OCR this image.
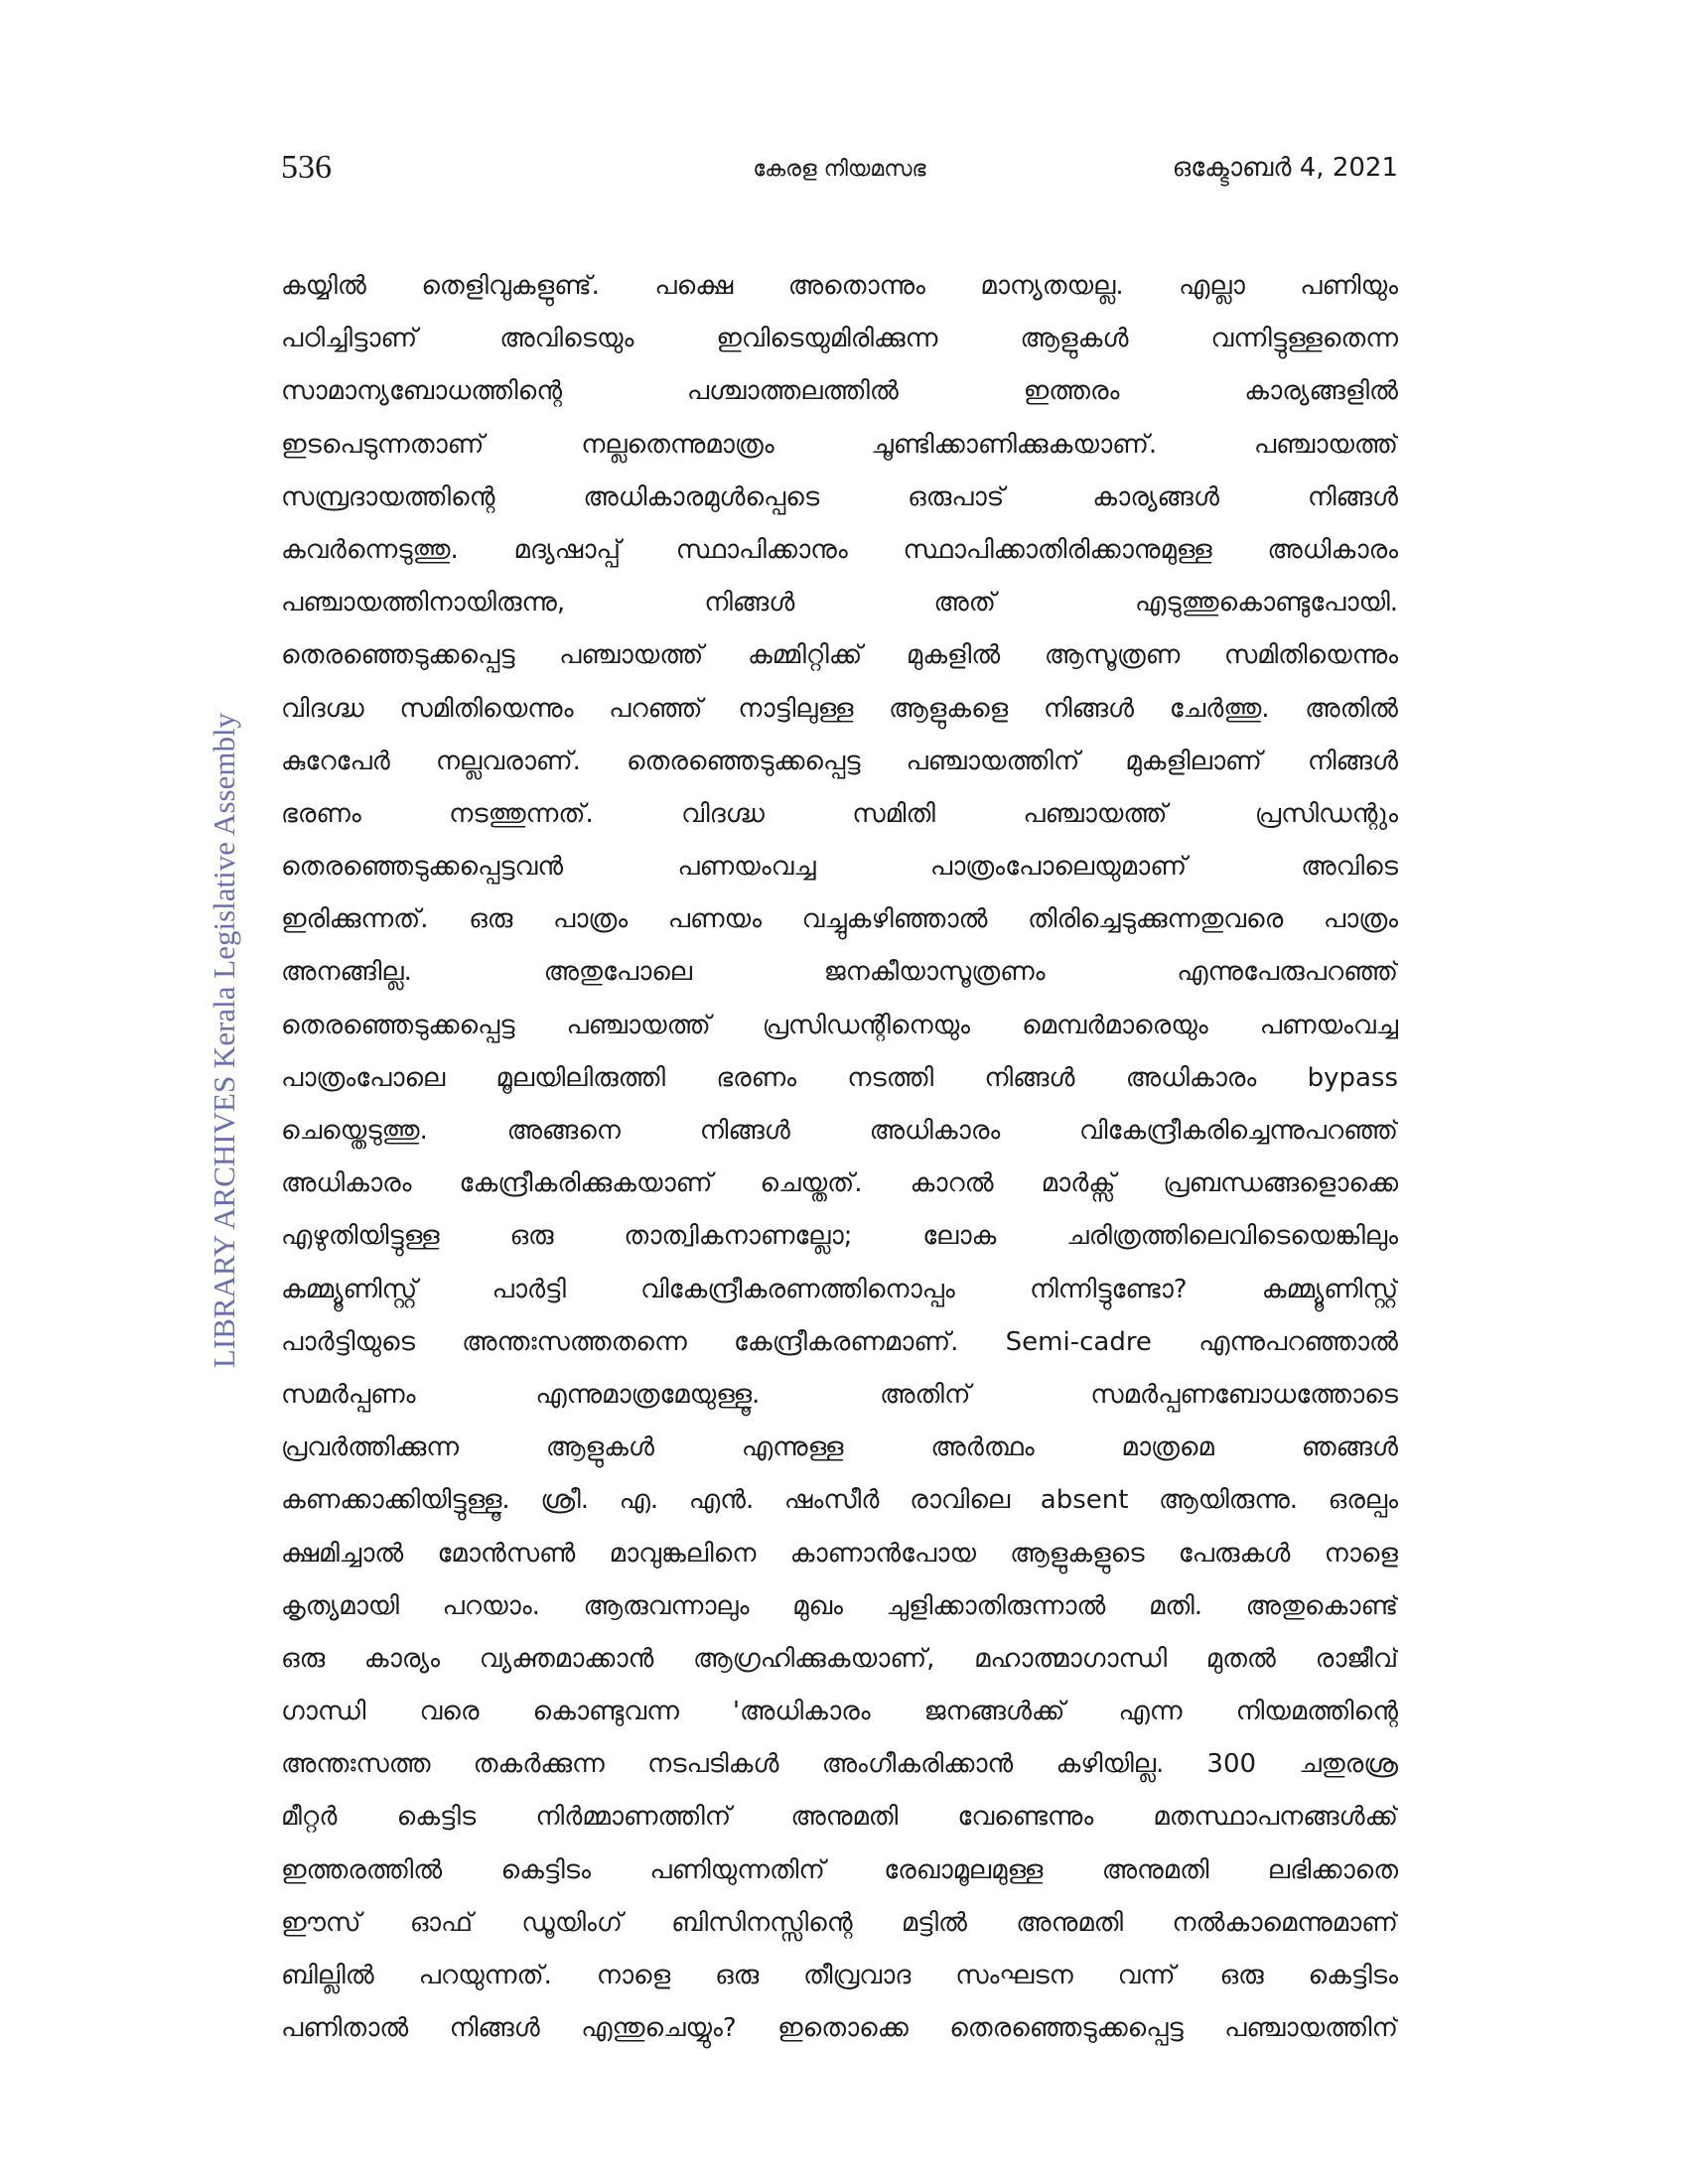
536	കേരള നിയമസഭ	ഒക്ടോബർ 4, 2021
LIBRARY ARCHIVES Kerala Legislative Assembly
കയ്യിൽ തെളിവുകളുണ്ട്. പക്ഷെ അതൊന്നും മാന്യതയല്ല. എല്ലാ പണിയും
പഠിച്ചിട്ടാണ് അവിടെയും ഇവിടെയുമിരിക്കുന്ന ആളുകൾ വന്നിട്ടുള്ളതെന്ന
സാമാന്യബോധത്തിന്റെ പശ്ചാത്തലത്തിൽ ഇത്തരം കാര്യങ്ങളിൽ
ഇടപെടുന്നതാണ് നല്ലതെന്നുമാത്രം ചൂണ്ടിക്കാണിക്കുകയാണ്. പഞ്ചായത്ത്
സമ്പ്രദായത്തിന്റെ അധികാരമുൾപ്പെടെ ഒരുപാട് കാര്യങ്ങൾ നിങ്ങൾ
കവർന്നെടുത്തു. മദ്യഷാപ്പ് സ്ഥാപിക്കാനും സ്ഥാപിക്കാതിരിക്കാനുമുള്ള അധികാരം
പഞ്ചായത്തിനായിരുന്നു, നിങ്ങൾ അത് എടുത്തുകൊണ്ടുപോയി.
തെരഞ്ഞെടുക്കപ്പെട്ട പഞ്ചായത്ത് കമ്മിറ്റിക്ക് മുകളിൽ ആസൂത്രണ സമിതിയെന്നും
വിദഗ്ദ്ധ സമിതിയെന്നും പറഞ്ഞ് നാട്ടിലുള്ള ആളുകളെ നിങ്ങൾ ചേർത്തു. അതിൽ
കുറേപേർ നല്ലവരാണ്. തെരഞ്ഞെടുക്കപ്പെട്ട പഞ്ചായത്തിന് മുകളിലാണ് നിങ്ങൾ
ഭരണം നടത്തുന്നത്. വിദഗ്ദ്ധ സമിതി പഞ്ചായത്ത് പ്രസിഡന്റും
തെരഞ്ഞെടുക്കപ്പെട്ടവൻ പണയംവച്ച പാത്രംപോലെയുമാണ് അവിടെ
ഇരിക്കുന്നത്. ഒരു പാത്രം പണയം വച്ചുകഴിഞ്ഞാൽ തിരിച്ചെടുക്കുന്നതുവരെ പാത്രം
അനങ്ങില്ല. അതുപോലെ ജനകീയാസൂത്രണം എന്നുപേരുപറഞ്ഞ്
തെരഞ്ഞെടുക്കപ്പെട്ട പഞ്ചായത്ത് പ്രസിഡന്റിനെയും മെമ്പർമാരെയും പണയംവച്ച
പാത്രംപോലെ മൂലയിലിരുത്തി ഭരണം നടത്തി നിങ്ങൾ അധികാരം bypass
ചെയ്തെടുത്തു. അങ്ങനെ നിങ്ങൾ അധികാരം വികേന്ദ്രീകരിച്ചെന്നുപറഞ്ഞ്
അധികാരം കേന്ദ്രീകരിക്കുകയാണ് ചെയ്തത്. കാറൽ മാർക്സ് പ്രബന്ധങ്ങളൊക്കെ
എഴുതിയിട്ടുള്ള ഒരു താത്വികനാണല്ലോ; ലോക ചരിത്രത്തിലെവിടെയെങ്കിലും
കമ്മ്യൂണിസ്റ്റ് പാർട്ടി വികേന്ദ്രീകരണത്തിനൊപ്പം നിന്നിട്ടുണ്ടോ? കമ്മ്യൂണിസ്റ്റ്
പാർട്ടിയുടെ അന്തഃസത്തതന്നെ കേന്ദ്രീകരണമാണ്. Semi-cadre എന്നുപറഞ്ഞാൽ
സമർപ്പണം എന്നുമാത്രമേയുള്ളൂ. അതിന് സമർപ്പണബോധത്തോടെ
പ്രവർത്തിക്കുന്ന ആളുകൾ എന്നുള്ള അർത്ഥം മാത്രമെ ഞങ്ങൾ
കണക്കാക്കിയിട്ടുള്ളൂ. ശ്രീ. എ. എൻ. ഷംസീർ രാവിലെ absent ആയിരുന്നു. ഒരല്പം
ക്ഷമിച്ചാൽ മോൻസൺ മാവുങ്കലിനെ കാണാൻപോയ ആളുകളുടെ പേരുകൾ നാളെ
കൃത്യമായി പറയാം. ആരുവന്നാലും മുഖം ചുളിക്കാതിരുന്നാൽ മതി. അതുകൊണ്ട്
ഒരു കാര്യം വ്യക്തമാക്കാൻ ആഗ്രഹിക്കുകയാണ്, മഹാത്മാഗാന്ധി മുതൽ രാജീവ്
ഗാന്ധി വരെ കൊണ്ടുവന്ന 'അധികാരം ജനങ്ങൾക്ക് എന്ന നിയമത്തിന്റെ
അന്തഃസത്ത തകർക്കുന്ന നടപടികൾ അംഗീകരിക്കാൻ കഴിയില്ല. 300 ചതുരശ്ര
മീറ്റർ കെട്ടിട നിർമ്മാണത്തിന് അനുമതി വേണ്ടെന്നും മതസ്ഥാപനങ്ങൾക്ക്
ഇത്തരത്തിൽ കെട്ടിടം പണിയുന്നതിന് രേഖാമൂലമുള്ള അനുമതി ലഭിക്കാതെ
ഈസ് ഓഫ് ഡൂയിംഗ് ബിസിനസ്സിന്റെ മട്ടിൽ അനുമതി നൽകാമെന്നുമാണ്
ബില്ലിൽ പറയുന്നത്. നാളെ ഒരു തീവ്രവാദ സംഘടന വന്ന് ഒരു കെട്ടിടം
പണിതാൽ നിങ്ങൾ എന്തുചെയ്യും? ഇതൊക്കെ തെരഞ്ഞെടുക്കപ്പെട്ട പഞ്ചായത്തിന്
